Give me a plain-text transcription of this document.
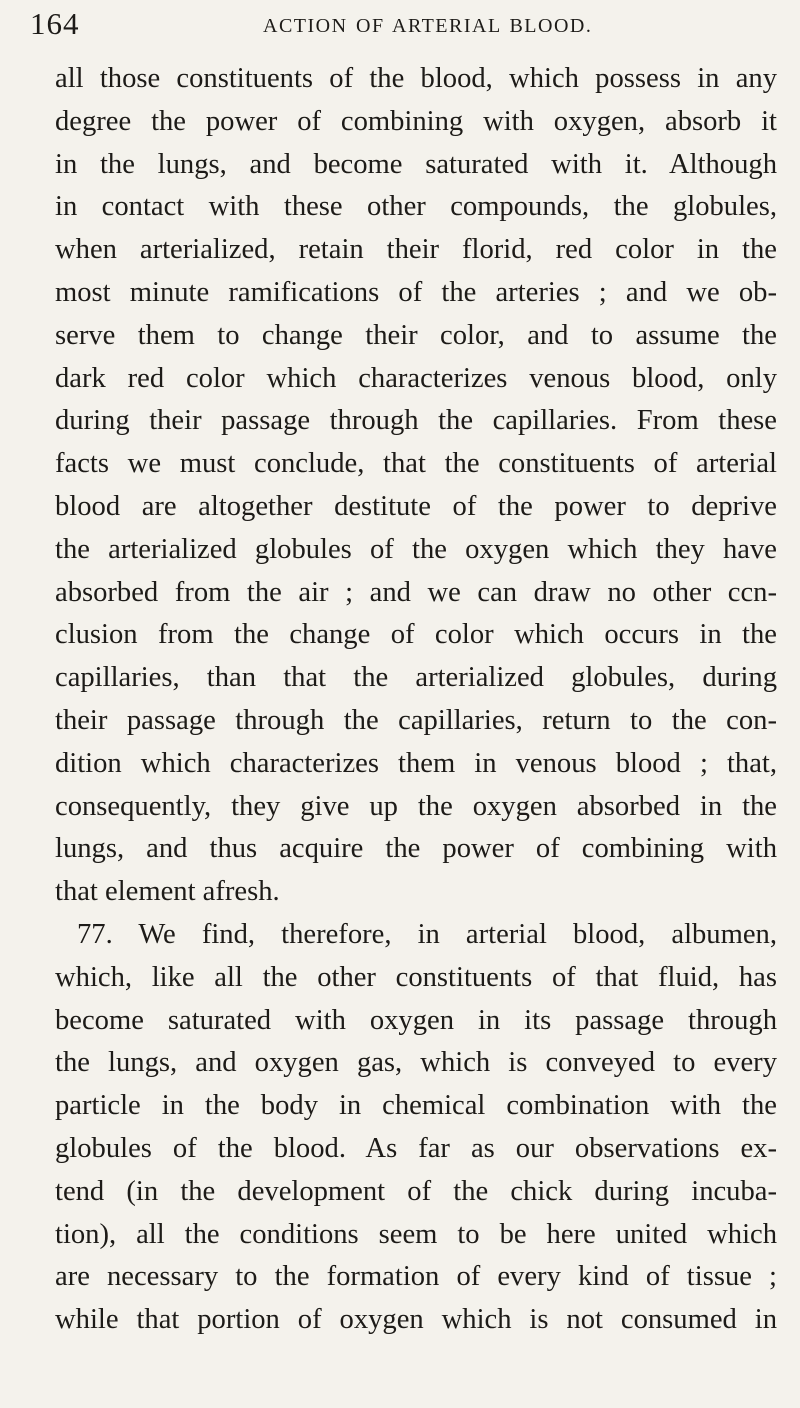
164	ACTION OF ARTERIAL BLOOD.
all those constituents of the blood, which possess in any
degree the power of combining with oxygen, absorb it
in the lungs, and become saturated with it. Although
in contact with these other compounds, the globules,
when arterialized, retain their florid, red color in the
most minute ramifications of the arteries ; and we ob-
serve them to change their color, and to assume the
dark red color which characterizes venous blood, only
during their passage through the capillaries. From these
facts we must conclude, that the constituents of arterial
blood are altogether destitute of the power to deprive
the arterialized globules of the oxygen which they have
absorbed from the air ; and we can draw no other ccn-
clusion from the change of color which occurs in the
capillaries, than that the arterialized globules, during
their passage through the capillaries, return to the con-
dition which characterizes them in venous blood ; that,
consequently, they give up the oxygen absorbed in the
lungs, and thus acquire the power of combining with
that element afresh.
77. We find, therefore, in arterial blood, albumen,
which, like all the other constituents of that fluid, has
become saturated with oxygen in its passage through
the lungs, and oxygen gas, which is conveyed to every
particle in the body in chemical combination with the
globules of the blood. As far as our observations ex-
tend (in the development of the chick during incuba-
tion), all the conditions seem to be here united which
are necessary to the formation of every kind of tissue ;
while that portion of oxygen which is not consumed in
